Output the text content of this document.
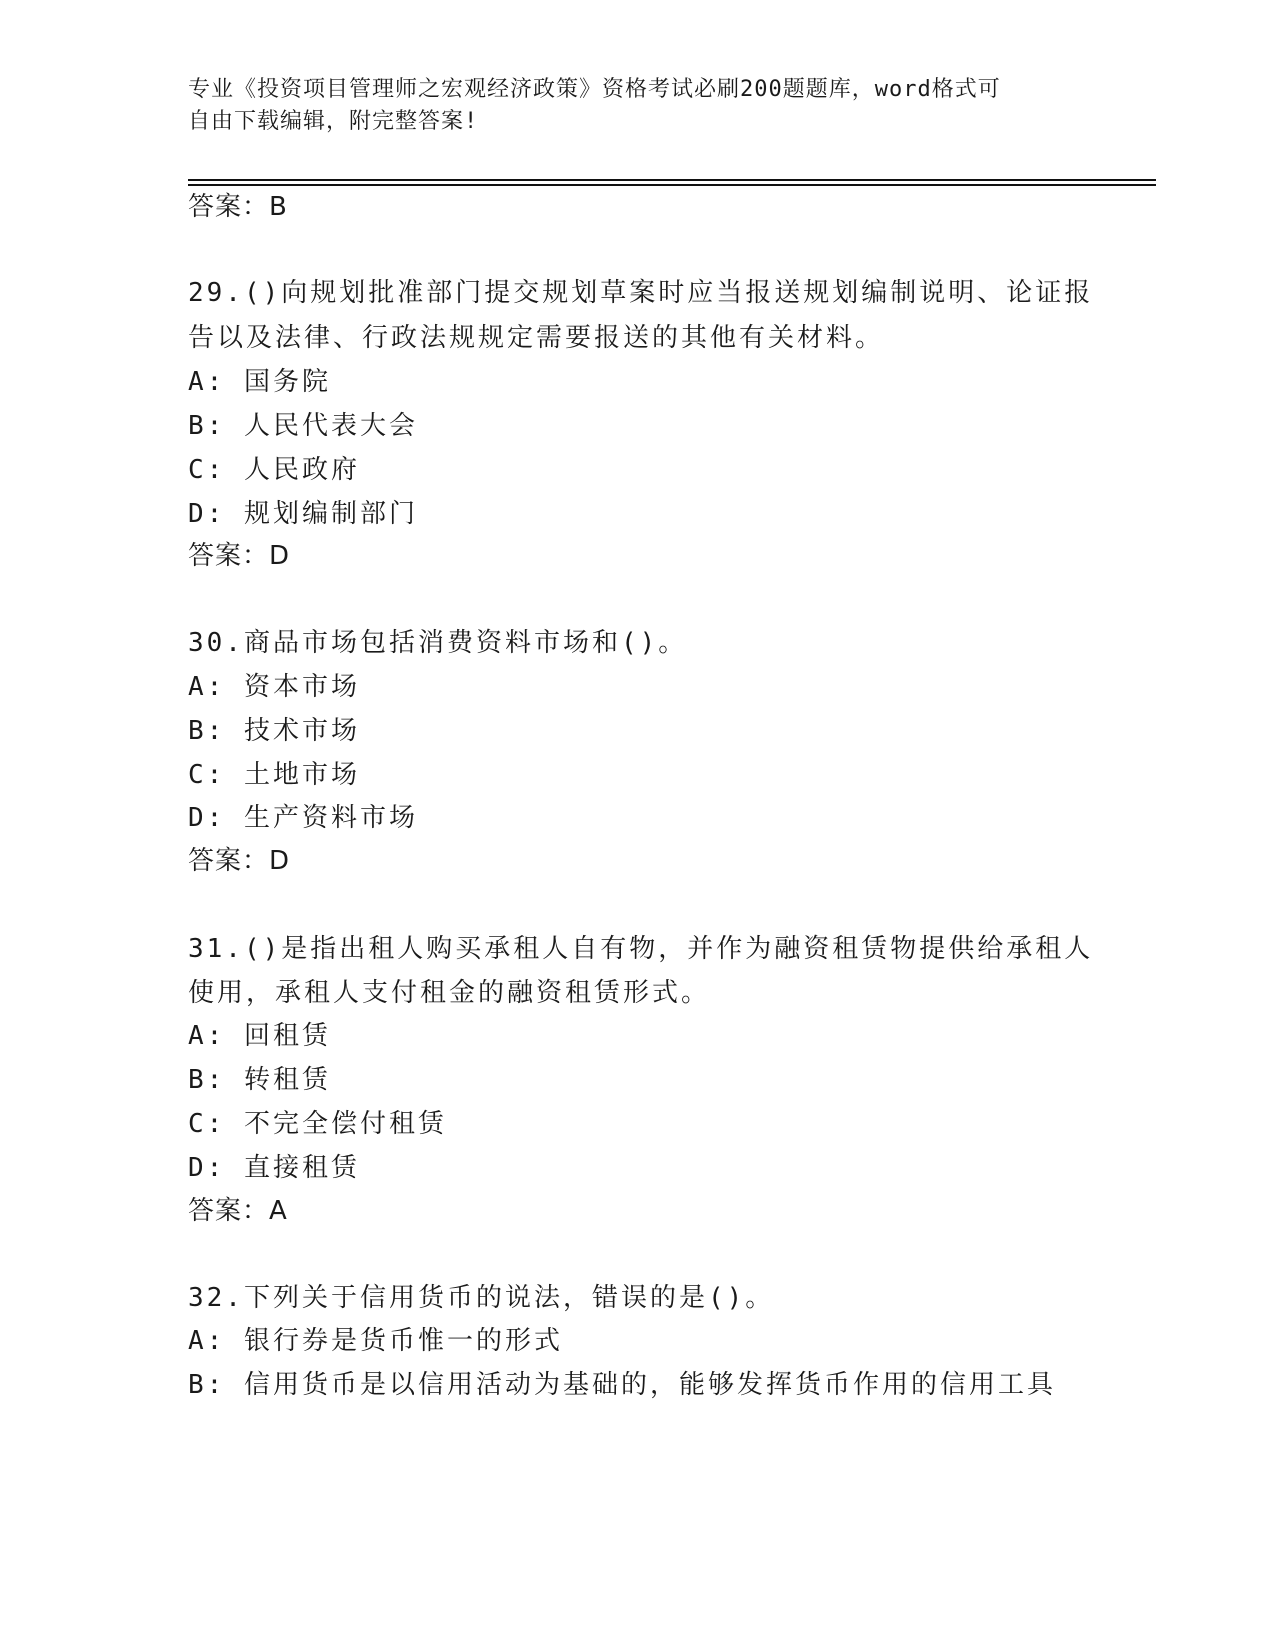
专业《投资项目管理师之宏观经济政策》资格考试必刷200题题库，word格式可
自由下载编辑，附完整答案!
答案：B
29.()向规划批准部门提交规划草案时应当报送规划编制说明、论证报
告以及法律、行政法规规定需要报送的其他有关材料。
A: 国务院
B: 人民代表大会
C: 人民政府
D: 规划编制部门
答案：D
30.商品市场包括消费资料市场和()。
A: 资本市场
B: 技术市场
C: 土地市场
D: 生产资料市场
答案：D
31.()是指出租人购买承租人自有物，并作为融资租赁物提供给承租人
使用，承租人支付租金的融资租赁形式。
A: 回租赁
B: 转租赁
C: 不完全偿付租赁
D: 直接租赁
答案：A
32.下列关于信用货币的说法，错误的是()。
A: 银行券是货币惟一的形式
B: 信用货币是以信用活动为基础的，能够发挥货币作用的信用工具
